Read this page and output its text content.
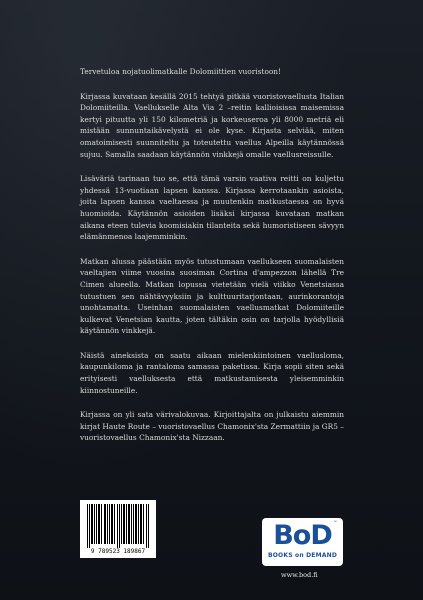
Tervetuloa nojatuolimatkalle Dolomiittien vuoristoon!

Kirjassa kuvataan kesällä 2015 tehtyä pitkää vuoristovaellusta Italian Dolomiiteilla. Vaellukselle Alta Via 2 –reitin kallioisissa maisemissa kertyi pituutta yli 150 kilometriä ja korkeuseroa yli 8000 metriä eli mistään sunnuntaikävelystä ei ole kyse. Kirjasta selviää, miten omatoimisesti suunniteltu ja toteutettu vaellus Alpeilla käytännössä sujuu. Samalla saadaan käytännön vinkkejä omalle vaellusreissulle.

Lisäväriä tarinaan tuo se, että tämä varsin vaativa reitti on kuljettu yhdessä 13-vuotiaan lapsen kanssa. Kirjassa kerrotaankin asioista, joita lapsen kanssa vaeltaessa ja muutenkin matkustaessa on hyvä huomioida. Käytännön asioiden lisäksi kirjassa kuvataan matkan aikana eteen tulevia koomisiakin tilanteita sekä humoristiseen sävyyn elämänmenoa laajemminkin.

Matkan alussa päästään myös tutustumaan vaellukseen suomalaisten vaeltajien viime vuosina suosiman Cortina d'ampezzon lähellä Tre Cimen alueella. Matkan lopussa vietetään vielä viikko Venetsiassa tutustuen sen nähtävyyksiin ja kulttuuritarjontaan, aurinkorantoja unohtamatta. Useinhan suomalaisten vaellusmatkat Dolomiiteille kulkevat Venetsian kautta, joten tältäkin osin on tarjolla hyödyllisiä käytännön vinkkejä.

Näistä aineksista on saatu aikaan mielenkiintoinen vaellusloma, kaupunkiloma ja rantaloma samassa paketissa. Kirja sopii siten sekä erityisesti vaelluksesta että matkustamisesta yleisemminkin kiinnostuneille.

Kirjassa on yli sata värivalokuvaa. Kirjoittajalta on julkaistu aiemmin kirjat Haute Route – vuoristovaellus Chamonix'sta Zermattiin ja GR5 – vuoristovaellus Chamonix'sta Nizzaan.

9 789523 189867
BoD ™
BOOKS on DEMAND
www.bod.fi
